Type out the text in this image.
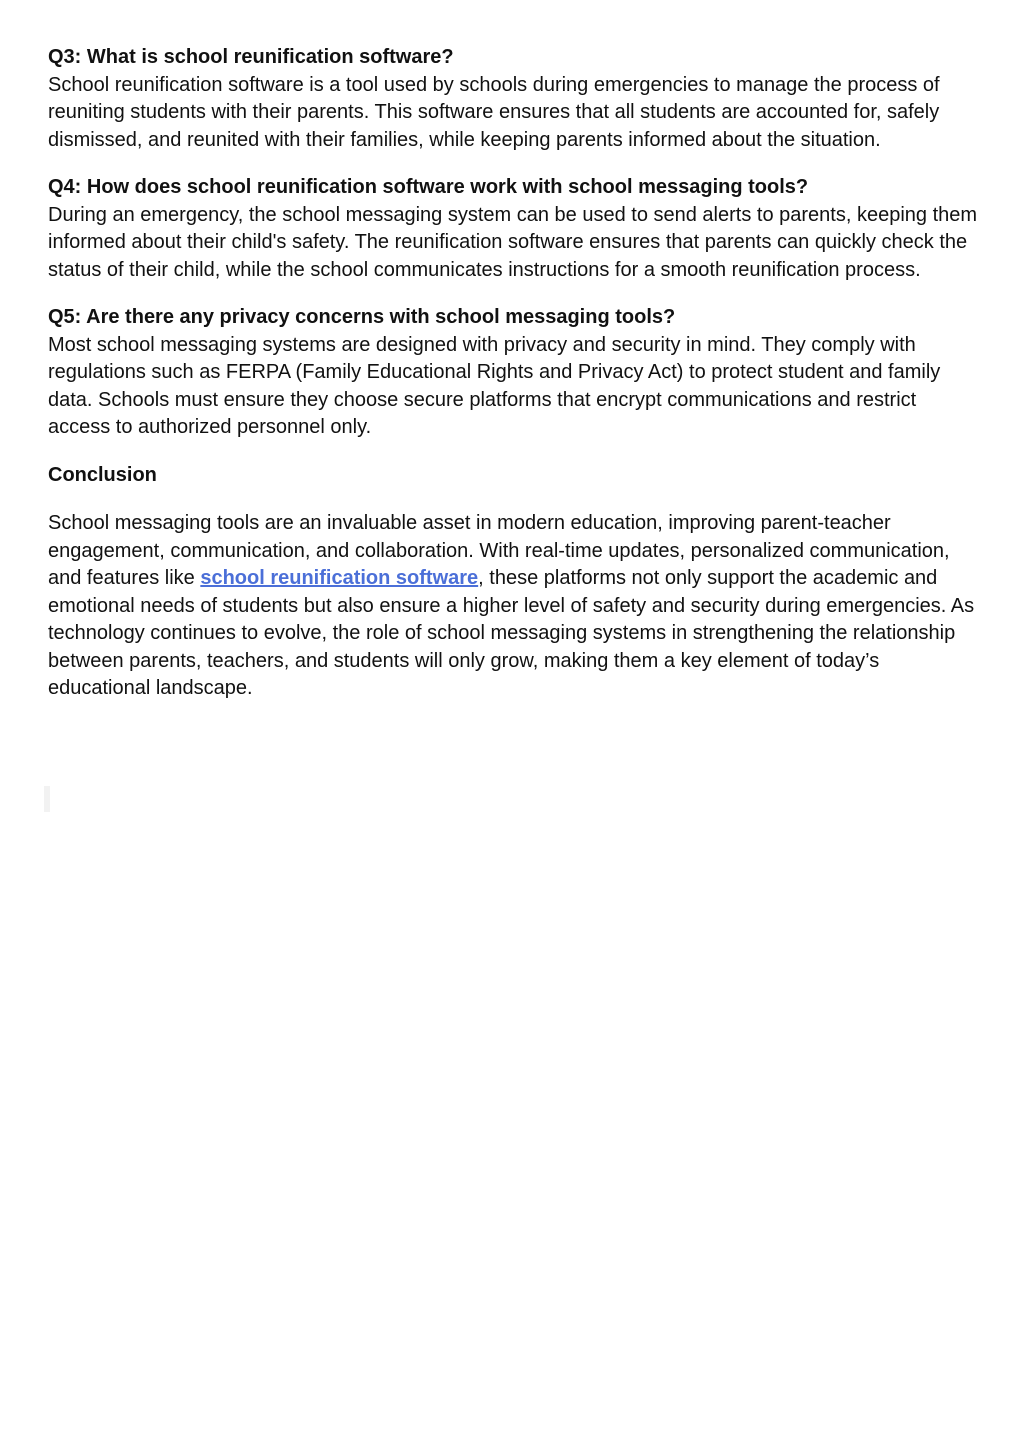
Q3: What is school reunification software?

School reunification software is a tool used by schools during emergencies to manage the process of reuniting students with their parents. This software ensures that all students are accounted for, safely dismissed, and reunited with their families, while keeping parents informed about the situation.

Q4: How does school reunification software work with school messaging tools?

During an emergency, the school messaging system can be used to send alerts to parents, keeping them informed about their child's safety. The reunification software ensures that parents can quickly check the status of their child, while the school communicates instructions for a smooth reunification process.

Q5: Are there any privacy concerns with school messaging tools?

Most school messaging systems are designed with privacy and security in mind. They comply with regulations such as FERPA (Family Educational Rights and Privacy Act) to protect student and family data. Schools must ensure they choose secure platforms that encrypt communications and restrict access to authorized personnel only.

Conclusion

School messaging tools are an invaluable asset in modern education, improving parent-teacher engagement, communication, and collaboration. With real-time updates, personalized communication, and features like school reunification software, these platforms not only support the academic and emotional needs of students but also ensure a higher level of safety and security during emergencies. As technology continues to evolve, the role of school messaging systems in strengthening the relationship between parents, teachers, and students will only grow, making them a key element of today’s educational landscape.
